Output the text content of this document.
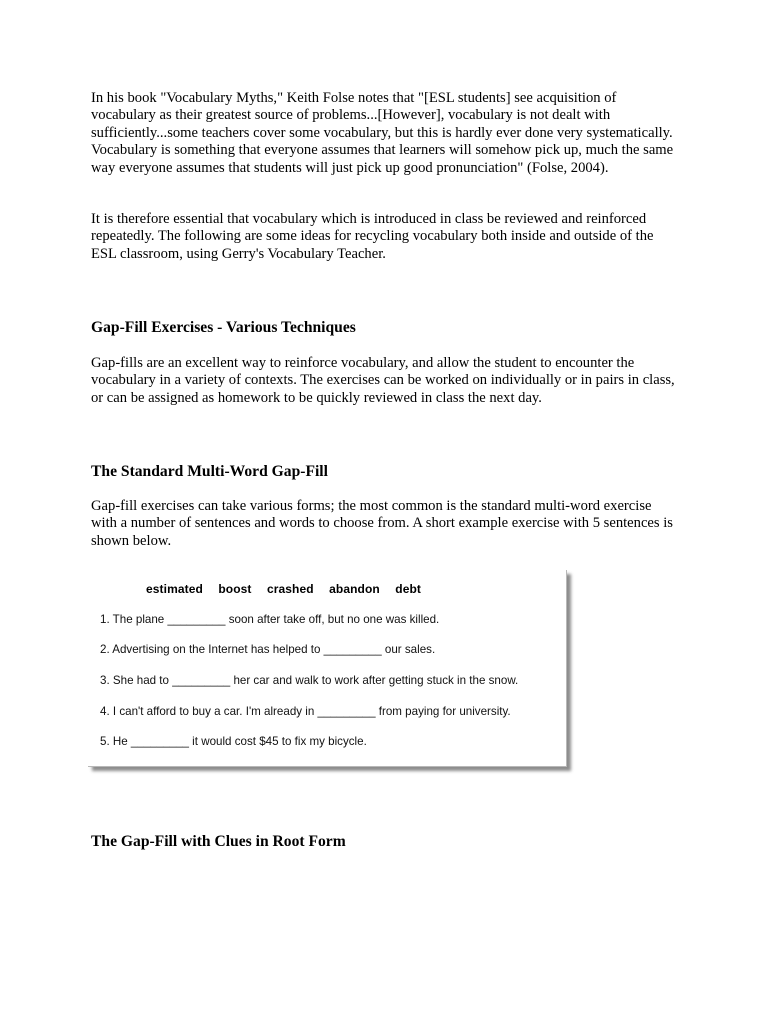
In his book "Vocabulary Myths," Keith Folse notes that "[ESL students] see acquisition of vocabulary as their greatest source of problems...[However], vocabulary is not dealt with sufficiently...some teachers cover some vocabulary, but this is hardly ever done very systematically. Vocabulary is something that everyone assumes that learners will somehow pick up, much the same way everyone assumes that students will just pick up good pronunciation" (Folse, 2004).

It is therefore essential that vocabulary which is introduced in class be reviewed and reinforced repeatedly. The following are some ideas for recycling vocabulary both inside and outside of the ESL classroom, using Gerry's Vocabulary Teacher.

Gap-Fill Exercises - Various Techniques

Gap-fills are an excellent way to reinforce vocabulary, and allow the student to encounter the vocabulary in a variety of contexts. The exercises can be worked on individually or in pairs in class, or can be assigned as homework to be quickly reviewed in class the next day.

The Standard Multi-Word Gap-Fill

Gap-fill exercises can take various forms; the most common is the standard multi-word exercise with a number of sentences and words to choose from. A short example exercise with 5 sentences is shown below.

estimated boost crashed abandon debt
1. The plane _________ soon after take off, but no one was killed.
2. Advertising on the Internet has helped to _________ our sales.
3. She had to _________ her car and walk to work after getting stuck in the snow.
4. I can't afford to buy a car. I'm already in _________ from paying for university.
5. He _________ it would cost $45 to fix my bicycle.
The Gap-Fill with Clues in Root Form
